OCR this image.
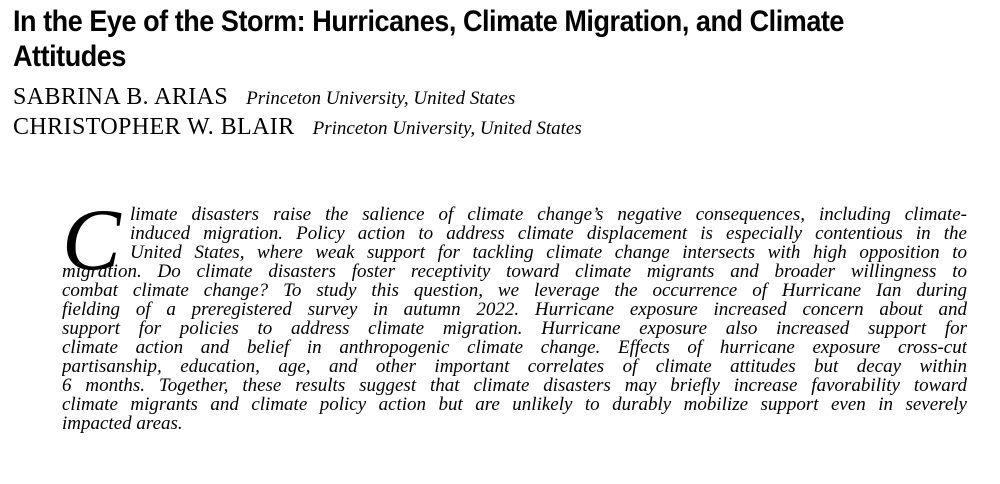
In the Eye of the Storm: Hurricanes, Climate Migration, and Climate
Attitudes
SABRINA B. ARIAS Princeton University, United States
CHRISTOPHER W. BLAIR Princeton University, United States
C limate disasters raise the salience of climate change’s negative consequences, including climate-
induced migration. Policy action to address climate displacement is especially contentious in the
United States, where weak support for tackling climate change intersects with high opposition to
migration. Do climate disasters foster receptivity toward climate migrants and broader willingness to
combat climate change? To study this question, we leverage the occurrence of Hurricane Ian during
fielding of a preregistered survey in autumn 2022. Hurricane exposure increased concern about and
support for policies to address climate migration. Hurricane exposure also increased support for
climate action and belief in anthropogenic climate change. Effects of hurricane exposure cross-cut
partisanship, education, age, and other important correlates of climate attitudes but decay within
6 months. Together, these results suggest that climate disasters may briefly increase favorability toward
climate migrants and climate policy action but are unlikely to durably mobilize support even in severely
impacted areas.
